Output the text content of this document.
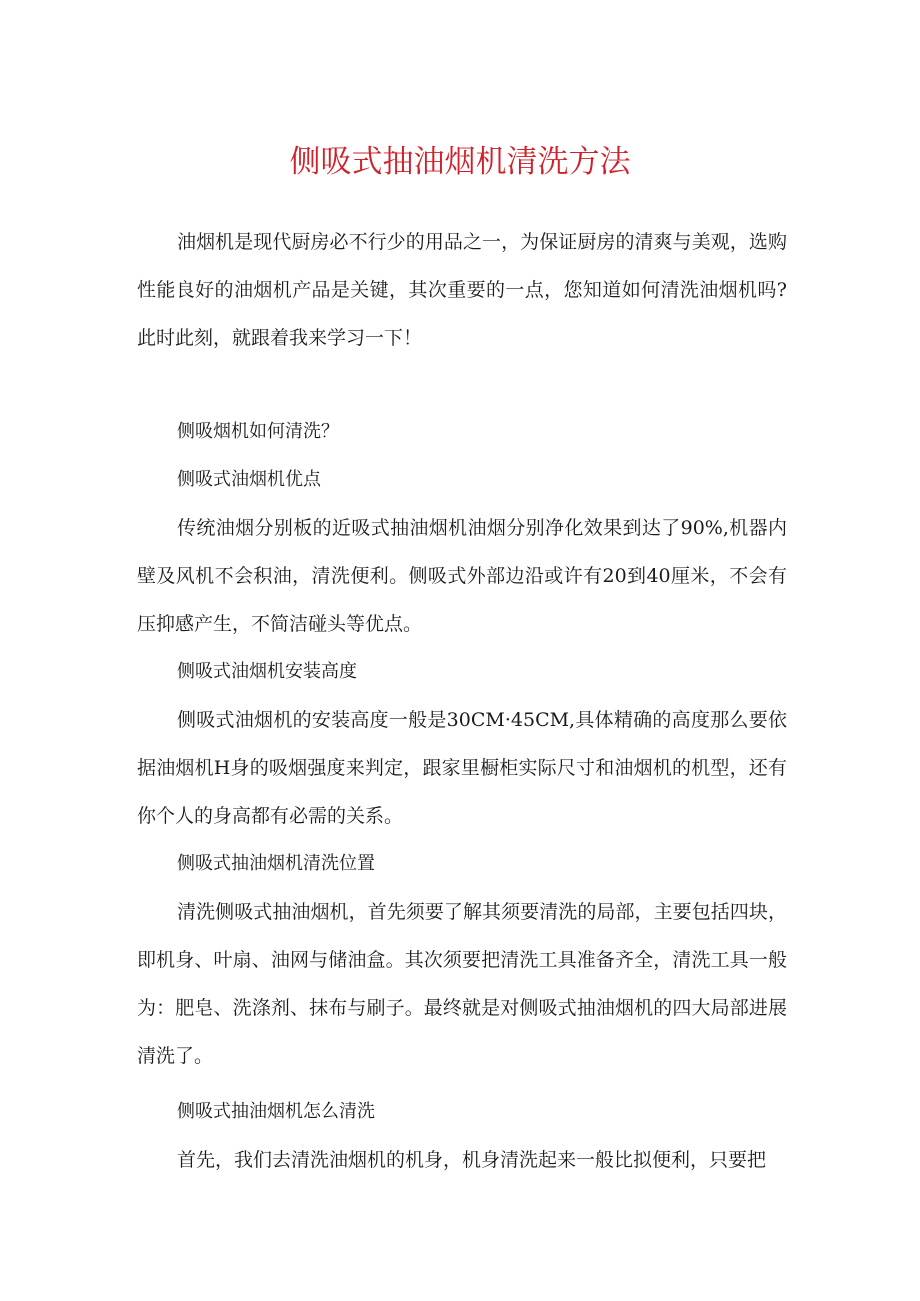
侧吸式抽油烟机清洗方法

油烟机是现代厨房必不行少的用品之一，为保证厨房的清爽与美观，选购性能良好的油烟机产品是关键，其次重要的一点，您知道如何清洗油烟机吗?此时此刻，就跟着我来学习一下！

侧吸烟机如何清洗？

侧吸式油烟机优点

传统油烟分别板的近吸式抽油烟机油烟分别净化效果到达了90%,机器内壁及风机不会积油，清洗便利。侧吸式外部边沿或许有20到40厘米，不会有压抑感产生，不简洁碰头等优点。

侧吸式油烟机安装高度

侧吸式油烟机的安装高度一般是30CM·45CM,具体精确的高度那么要依据油烟机H身的吸烟强度来判定，跟家里橱柜实际尺寸和油烟机的机型，还有你个人的身高都有必需的关系。

侧吸式抽油烟机清洗位置

清洗侧吸式抽油烟机，首先须要了解其须要清洗的局部，主要包括四块，即机身、叶扇、油网与储油盒。其次须要把清洗工具准备齐全，清洗工具一般为：肥皂、洗涤剂、抹布与刷子。最终就是对侧吸式抽油烟机的四大局部进展清洗了。

侧吸式抽油烟机怎么清洗

首先，我们去清洗油烟机的机身，机身清洗起来一般比拟便利，只要把
